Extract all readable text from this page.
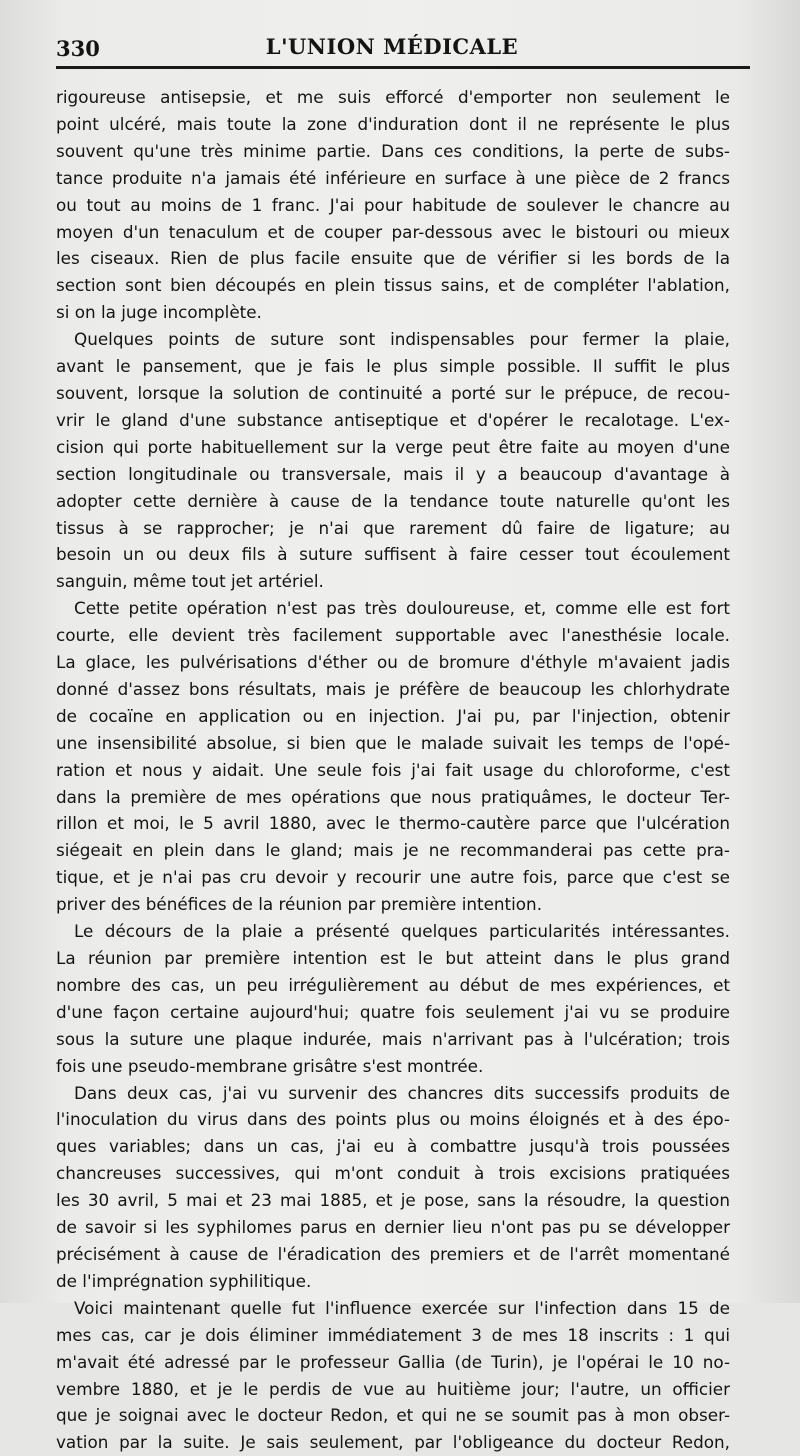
330	L'UNION MÉDICALE

rigoureuse antisepsie, et me suis efforcé d'emporter non seulement le

point ulcéré, mais toute la zone d'induration dont il ne représente le plus

souvent qu'une très minime partie. Dans ces conditions, la perte de subs-

tance produite n'a jamais été inférieure en surface à une pièce de 2 francs

ou tout au moins de 1 franc. J'ai pour habitude de soulever le chancre au

moyen d'un tenaculum et de couper par-dessous avec le bistouri ou mieux

les ciseaux. Rien de plus facile ensuite que de vérifier si les bords de la

section sont bien découpés en plein tissus sains, et de compléter l'ablation,

si on la juge incomplète.

Quelques points de suture sont indispensables pour fermer la plaie,

avant le pansement, que je fais le plus simple possible. Il suffit le plus

souvent, lorsque la solution de continuité a porté sur le prépuce, de recou-

vrir le gland d'une substance antiseptique et d'opérer le recalotage. L'ex-

cision qui porte habituellement sur la verge peut être faite au moyen d'une

section longitudinale ou transversale, mais il y a beaucoup d'avantage à

adopter cette dernière à cause de la tendance toute naturelle qu'ont les

tissus à se rapprocher; je n'ai que rarement dû faire de ligature; au

besoin un ou deux fils à suture suffisent à faire cesser tout écoulement

sanguin, même tout jet artériel.

Cette petite opération n'est pas très douloureuse, et, comme elle est fort

courte, elle devient très facilement supportable avec l'anesthésie locale.

La glace, les pulvérisations d'éther ou de bromure d'éthyle m'avaient jadis

donné d'assez bons résultats, mais je préfère de beaucoup les chlorhydrate

de cocaïne en application ou en injection. J'ai pu, par l'injection, obtenir

une insensibilité absolue, si bien que le malade suivait les temps de l'opé-

ration et nous y aidait. Une seule fois j'ai fait usage du chloroforme, c'est

dans la première de mes opérations que nous pratiquâmes, le docteur Ter-

rillon et moi, le 5 avril 1880, avec le thermo-cautère parce que l'ulcération

siégeait en plein dans le gland; mais je ne recommanderai pas cette pra-

tique, et je n'ai pas cru devoir y recourir une autre fois, parce que c'est se

priver des bénéfices de la réunion par première intention.

Le décours de la plaie a présenté quelques particularités intéressantes.

La réunion par première intention est le but atteint dans le plus grand

nombre des cas, un peu irrégulièrement au début de mes expériences, et

d'une façon certaine aujourd'hui; quatre fois seulement j'ai vu se produire

sous la suture une plaque indurée, mais n'arrivant pas à l'ulcération; trois

fois une pseudo-membrane grisâtre s'est montrée.

Dans deux cas, j'ai vu survenir des chancres dits successifs produits de

l'inoculation du virus dans des points plus ou moins éloignés et à des épo-

ques variables; dans un cas, j'ai eu à combattre jusqu'à trois poussées

chancreuses successives, qui m'ont conduit à trois excisions pratiquées

les 30 avril, 5 mai et 23 mai 1885, et je pose, sans la résoudre, la question

de savoir si les syphilomes parus en dernier lieu n'ont pas pu se développer

précisément à cause de l'éradication des premiers et de l'arrêt momentané

de l'imprégnation syphilitique.

Voici maintenant quelle fut l'influence exercée sur l'infection dans 15 de

mes cas, car je dois éliminer immédiatement 3 de mes 18 inscrits : 1 qui

m'avait été adressé par le professeur Gallia (de Turin), je l'opérai le 10 no-

vembre 1880, et je le perdis de vue au huitième jour; l'autre, un officier

que je soignai avec le docteur Redon, et qui ne se soumit pas à mon obser-

vation par la suite. Je sais seulement, par l'obligeance du docteur Redon,
